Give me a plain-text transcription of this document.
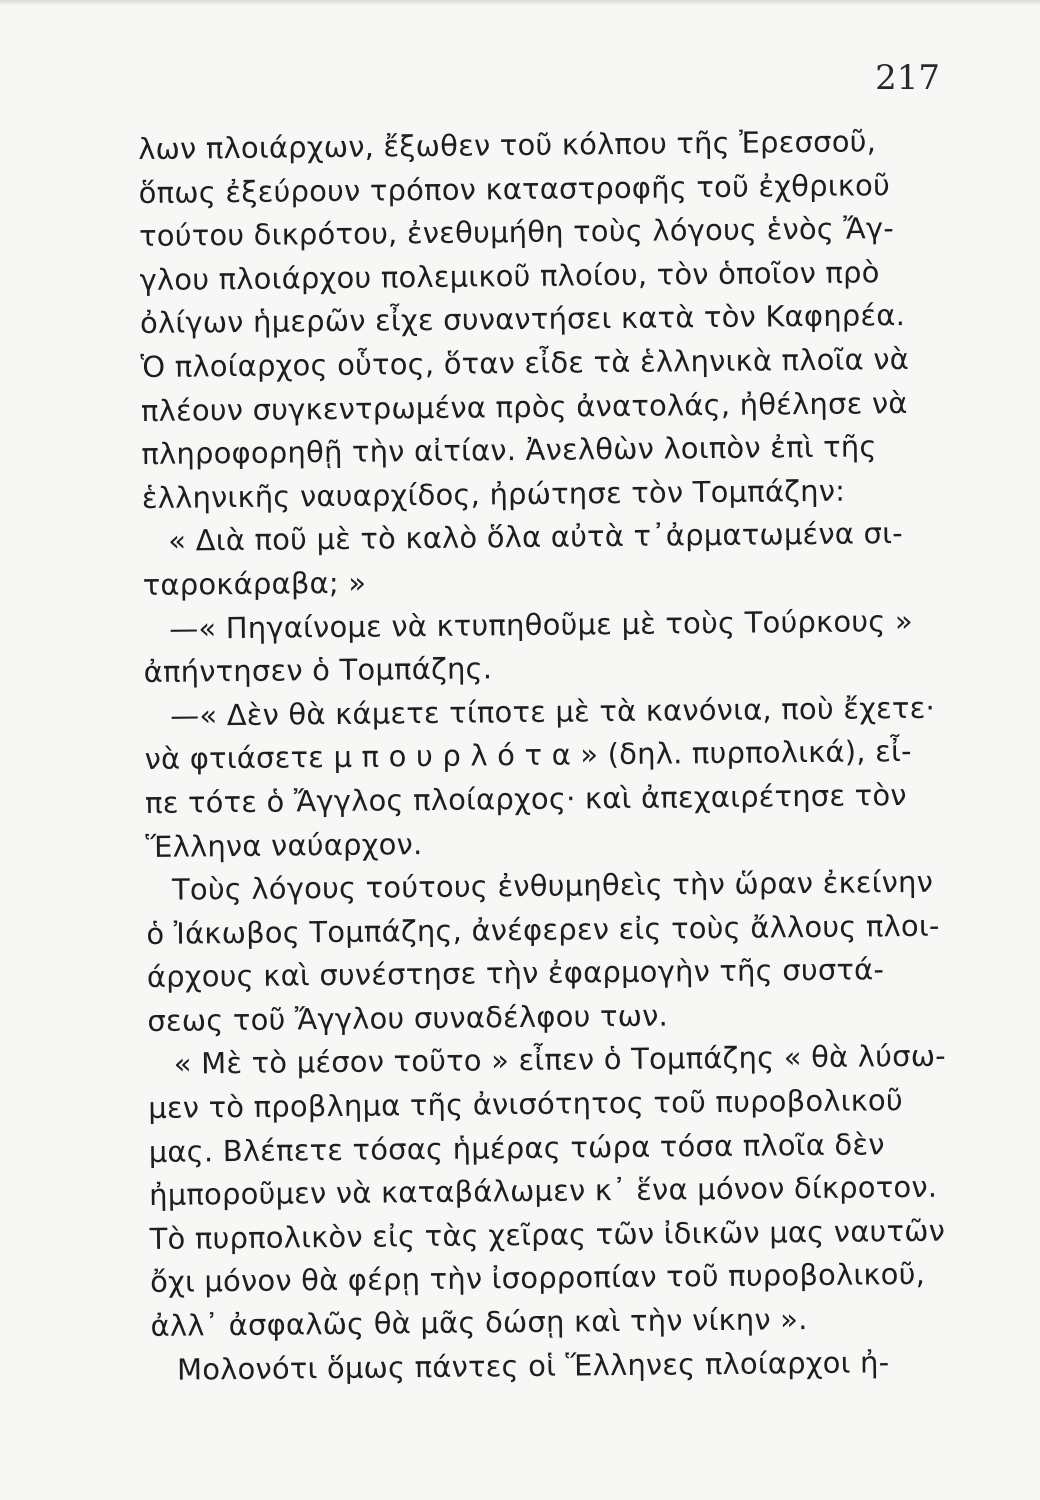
217
λων πλοιάρχων, ἔξωθεν τοῦ κόλπου τῆς Ἐρεσσοῦ,
ὅπως ἐξεύρουν τρόπον καταστροφῆς τοῦ ἐχθρικοῦ
τούτου δικρότου, ἐνεθυμήθη τοὺς λόγους ἑνὸς Ἄγ-
γλου πλοιάρχου πολεμικοῦ πλοίου, τὸν ὁποῖον πρὸ
ὀλίγων ἡμερῶν εἶχε συναντήσει κατὰ τὸν Καφηρέα.
Ὁ πλοίαρχος οὗτος, ὅταν εἶδε τὰ ἑλληνικὰ πλοῖα νὰ
πλέουν συγκεντρωμένα πρὸς ἀνατολάς, ἠθέλησε νὰ
πληροφορηθῇ τὴν αἰτίαν. Ἀνελθὼν λοιπὸν ἐπὶ τῆς
ἑλληνικῆς ναυαρχίδος, ἠρώτησε τὸν Τομπάζην:
« Διὰ ποῦ μὲ τὸ καλὸ ὅλα αὐτὰ τ᾽ἀρματωμένα σι-
ταροκάραβα; »
—« Πηγαίνομε νὰ κτυπηθοῦμε μὲ τοὺς Τούρκους »
ἀπήντησεν ὁ Τομπάζης.
—« Δὲν θὰ κάμετε τίποτε μὲ τὰ κανόνια, ποὺ ἔχετε·
νὰ φτιάσετε μ π ο υ ρ λ ό τ α » (δηλ. πυρπολικά), εἶ-
πε τότε ὁ Ἄγγλος πλοίαρχος· καὶ ἀπεχαιρέτησε τὸν
Ἕλληνα ναύαρχον.
Τοὺς λόγους τούτους ἐνθυμηθεὶς τὴν ὥραν ἐκείνην
ὁ Ἰάκωβος Τομπάζης, ἀνέφερεν εἰς τοὺς ἄλλους πλοι-
άρχους καὶ συνέστησε τὴν ἐφαρμογὴν τῆς συστά-
σεως τοῦ Ἄγγλου συναδέλφου των.
« Μὲ τὸ μέσον τοῦτο » εἶπεν ὁ Τομπάζης « θὰ λύσω-
μεν τὸ προβλημα τῆς ἀνισότητος τοῦ πυροβολικοῦ
μας. Βλέπετε τόσας ἡμέρας τώρα τόσα πλοῖα δὲν
ἠμποροῦμεν νὰ καταβάλωμεν κ᾽ ἕνα μόνον δίκροτον.
Τὸ πυρπολικὸν εἰς τὰς χεῖρας τῶν ἰδικῶν μας ναυτῶν
ὄχι μόνον θὰ φέρῃ τὴν ἰσορροπίαν τοῦ πυροβολικοῦ,
ἀλλ᾽ ἀσφαλῶς θὰ μᾶς δώσῃ καὶ τὴν νίκην ».
Μολονότι ὅμως πάντες οἱ Ἕλληνες πλοίαρχοι ἠ-
